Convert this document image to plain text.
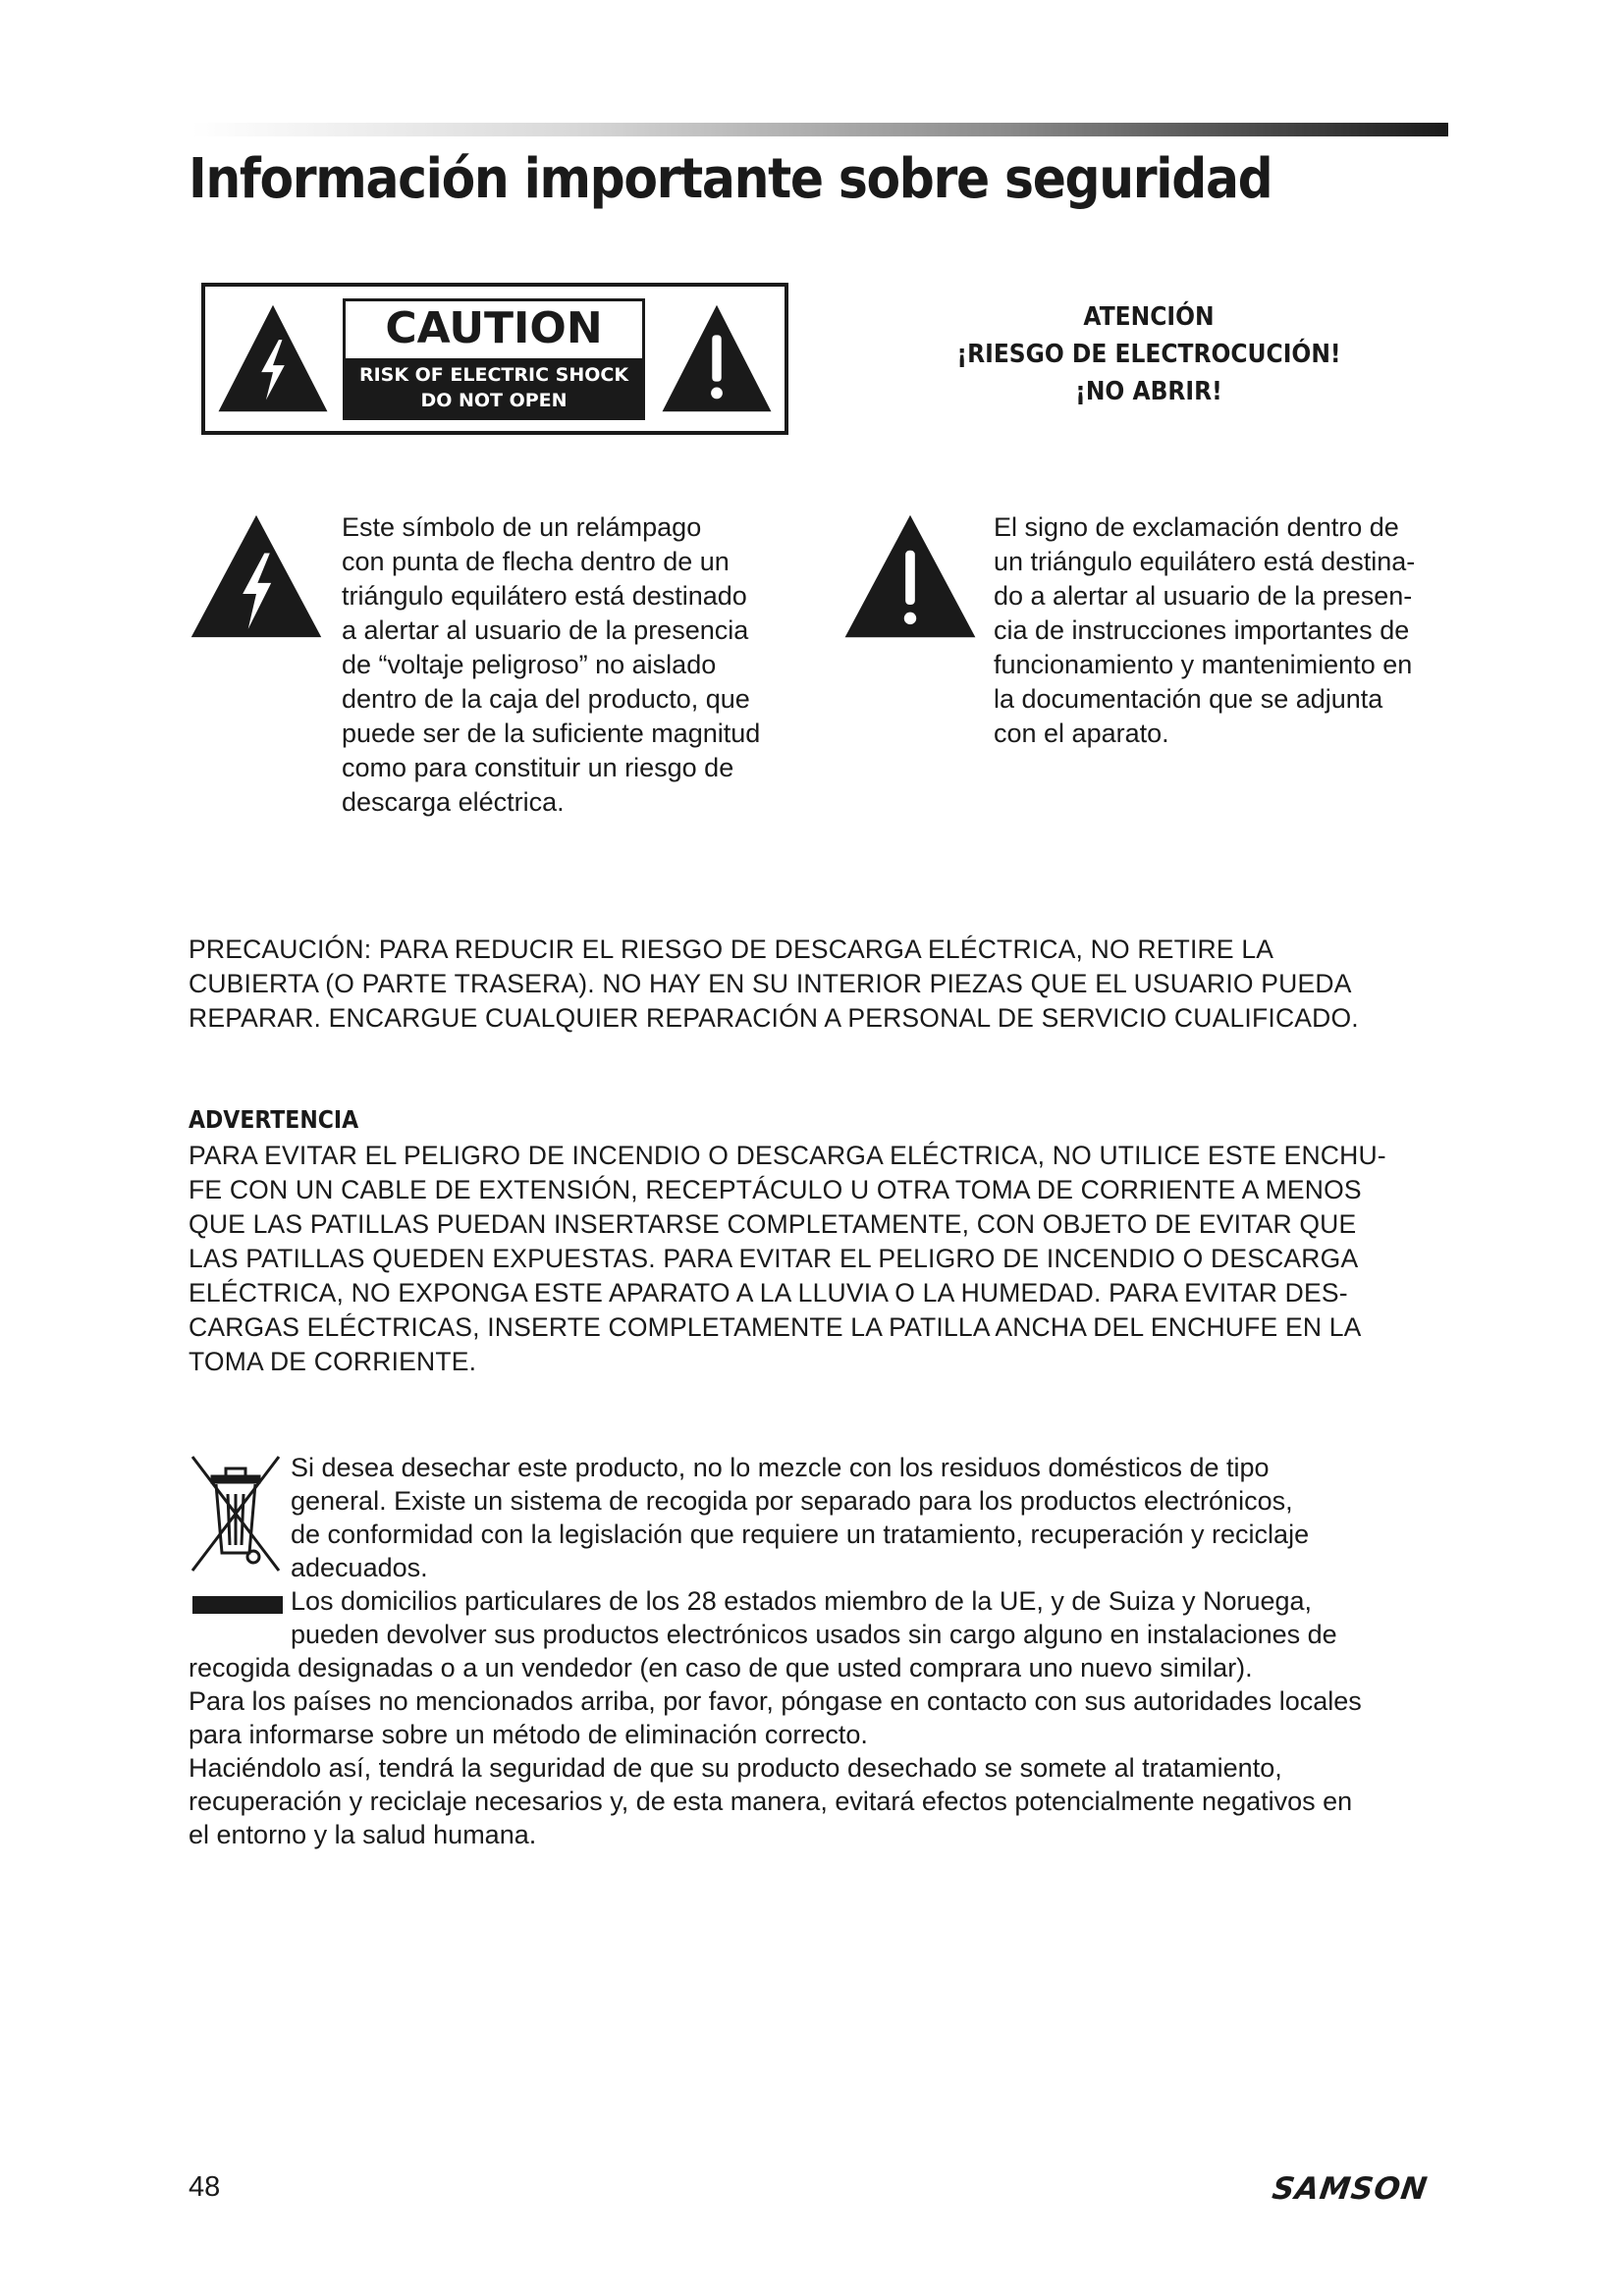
Información importante sobre seguridad
CAUTION
RISK OF ELECTRIC SHOCK
DO NOT OPEN
ATENCIÓN
¡RIESGO DE ELECTROCUCIÓN!
¡NO ABRIR!
Este símbolo de un relámpago
con punta de flecha dentro de un
triángulo equilátero está destinado
a alertar al usuario de la presencia
de “voltaje peligroso” no aislado
dentro de la caja del producto, que
puede ser de la suficiente magnitud
como para constituir un riesgo de
descarga eléctrica.
El signo de exclamación dentro de
un triángulo equilátero está destina-
do a alertar al usuario de la presen-
cia de instrucciones importantes de
funcionamiento y mantenimiento en
la documentación que se adjunta
con el aparato.
PRECAUCIÓN: PARA REDUCIR EL RIESGO DE DESCARGA ELÉCTRICA, NO RETIRE LA
CUBIERTA (O PARTE TRASERA). NO HAY EN SU INTERIOR PIEZAS QUE EL USUARIO PUEDA
REPARAR. ENCARGUE CUALQUIER REPARACIÓN A PERSONAL DE SERVICIO CUALIFICADO.
ADVERTENCIA
PARA EVITAR EL PELIGRO DE INCENDIO O DESCARGA ELÉCTRICA, NO UTILICE ESTE ENCHU-
FE CON UN CABLE DE EXTENSIÓN, RECEPTÁCULO U OTRA TOMA DE CORRIENTE A MENOS
QUE LAS PATILLAS PUEDAN INSERTARSE COMPLETAMENTE, CON OBJETO DE EVITAR QUE
LAS PATILLAS QUEDEN EXPUESTAS. PARA EVITAR EL PELIGRO DE INCENDIO O DESCARGA
ELÉCTRICA, NO EXPONGA ESTE APARATO A LA LLUVIA O LA HUMEDAD. PARA EVITAR DES-
CARGAS ELÉCTRICAS, INSERTE COMPLETAMENTE LA PATILLA ANCHA DEL ENCHUFE EN LA
TOMA DE CORRIENTE.
Si desea desechar este producto, no lo mezcle con los residuos domésticos de tipo
general. Existe un sistema de recogida por separado para los productos electrónicos,
de conformidad con la legislación que requiere un tratamiento, recuperación y reciclaje
adecuados.
Los domicilios particulares de los 28 estados miembro de la UE, y de Suiza y Noruega,
pueden devolver sus productos electrónicos usados sin cargo alguno en instalaciones de
recogida designadas o a un vendedor (en caso de que usted comprara uno nuevo similar).
Para los países no mencionados arriba, por favor, póngase en contacto con sus autoridades locales
para informarse sobre un método de eliminación correcto.
Haciéndolo así, tendrá la seguridad de que su producto desechado se somete al tratamiento,
recuperación y reciclaje necesarios y, de esta manera, evitará efectos potencialmente negativos en
el entorno y la salud humana.

48	SAMSON
